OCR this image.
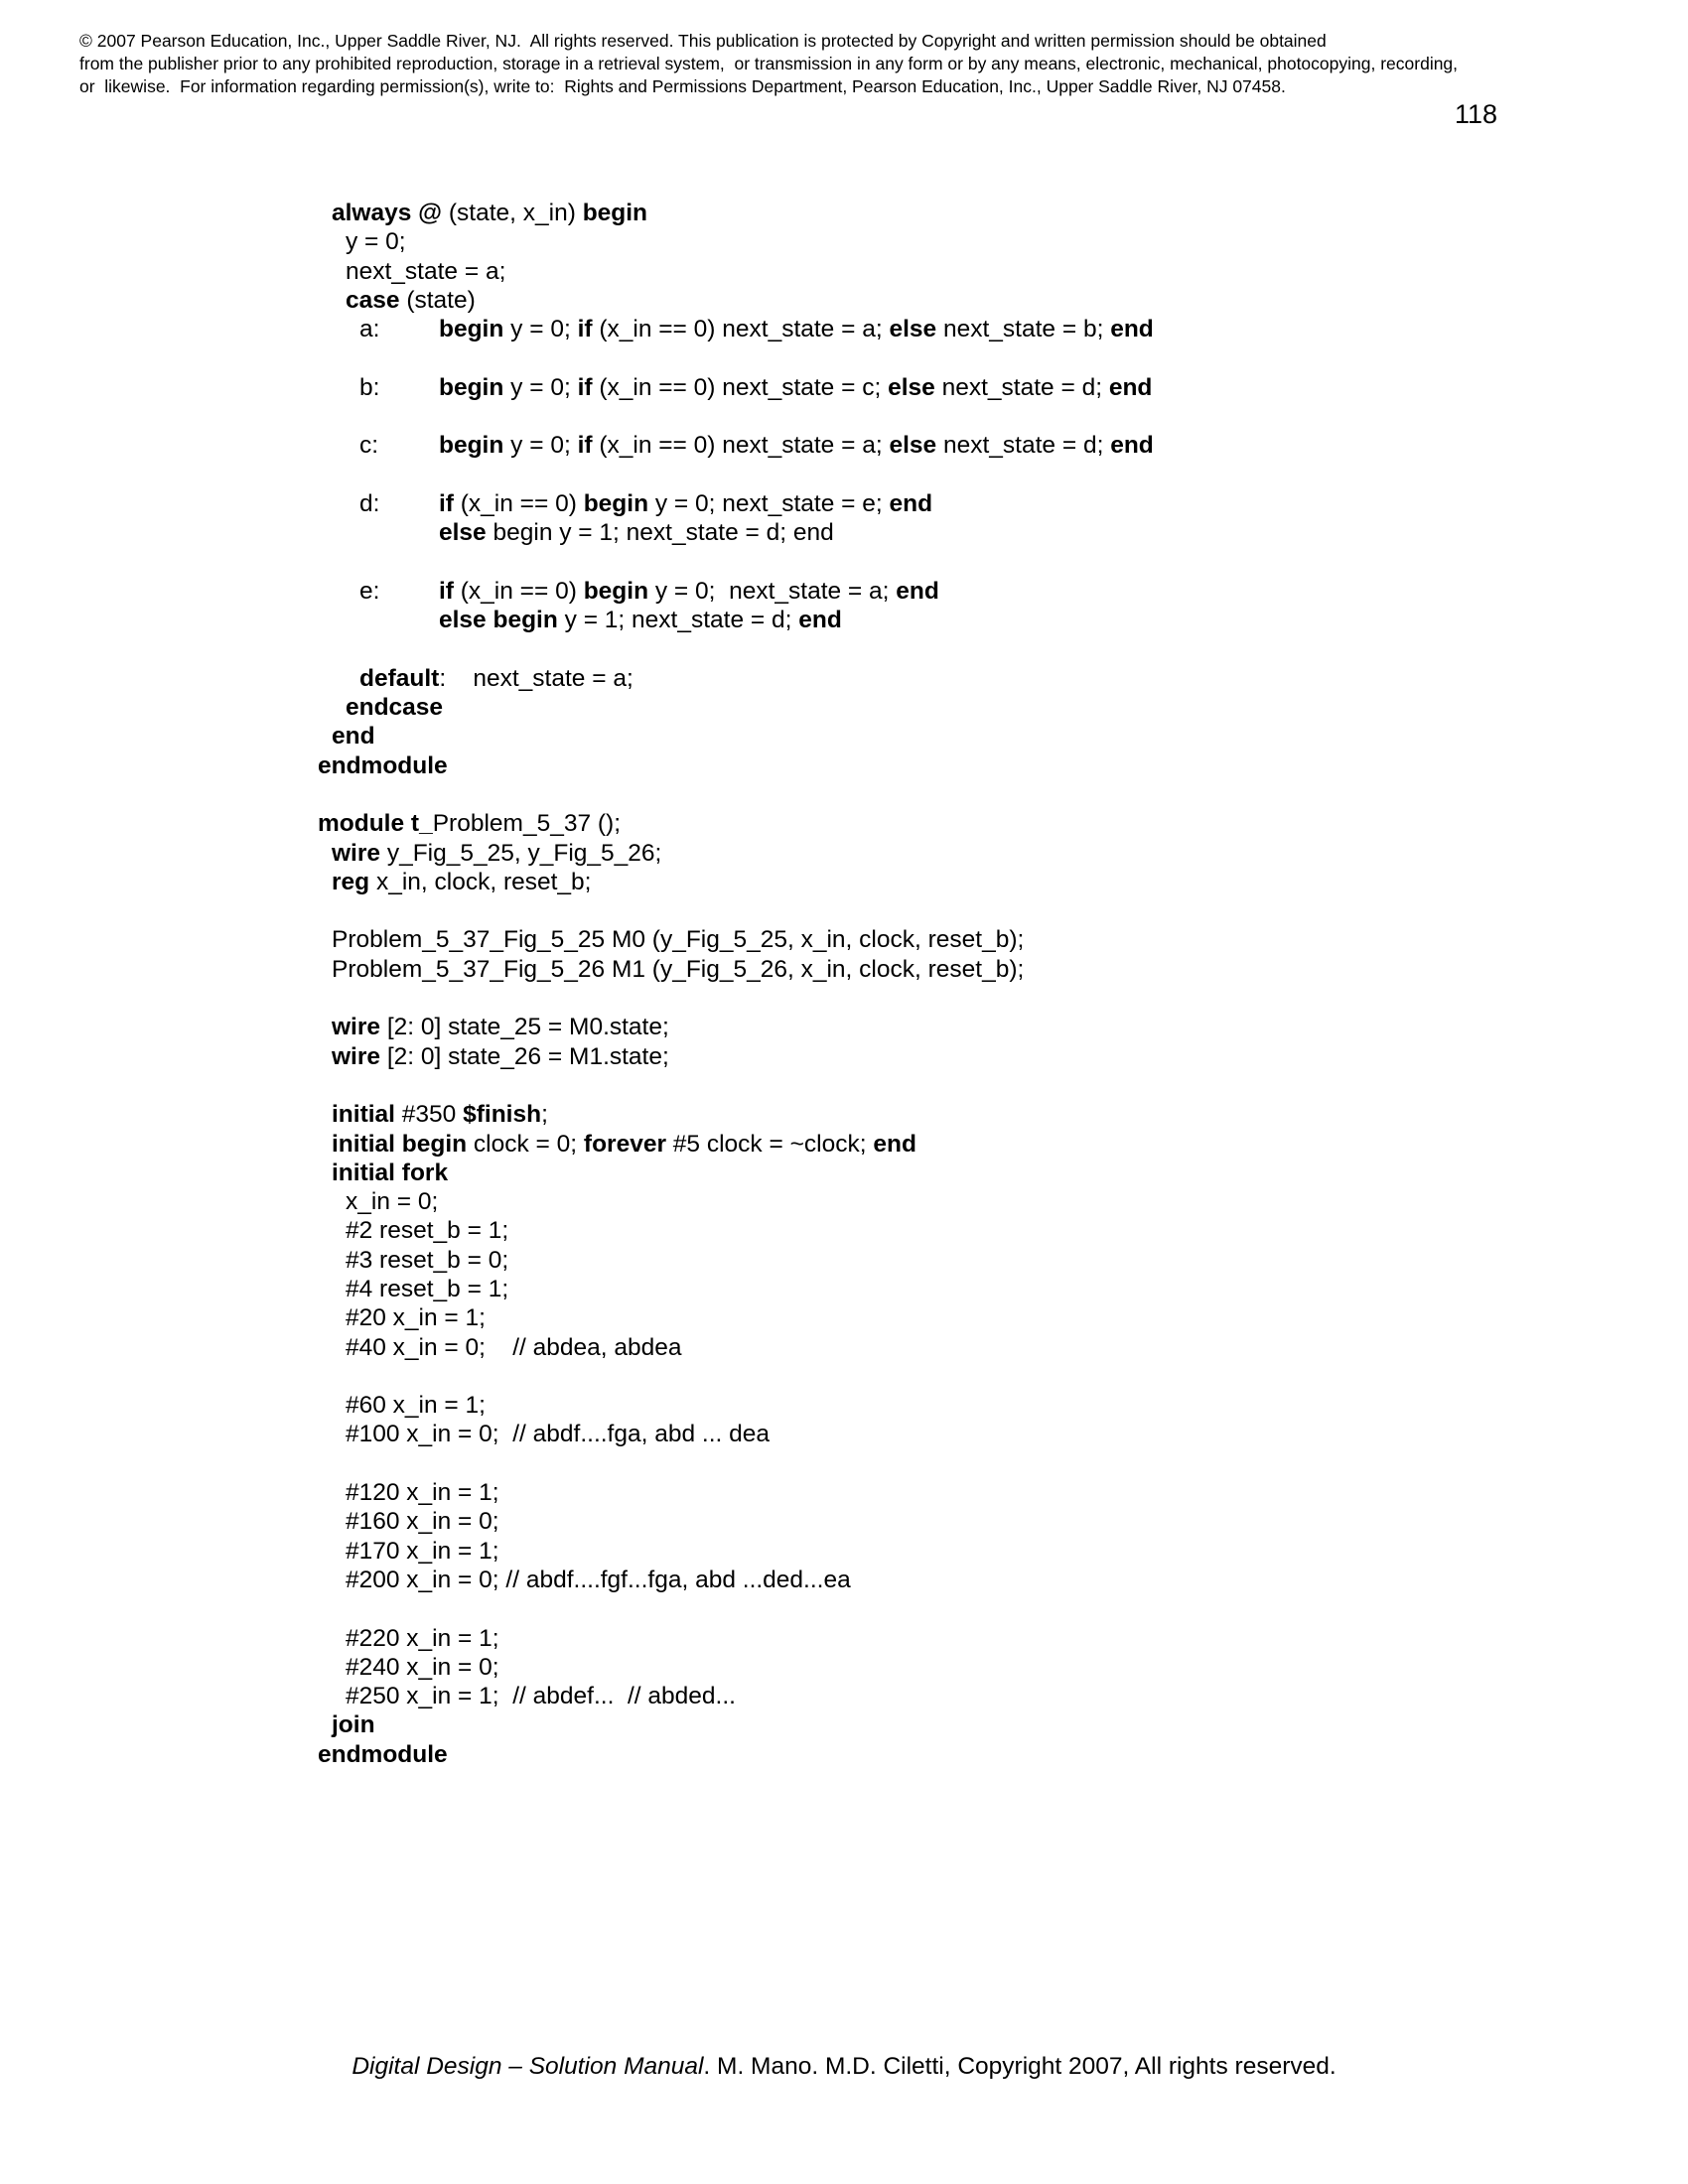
© 2007 Pearson Education, Inc., Upper Saddle River, NJ.  All rights reserved. This publication is protected by Copyright and written permission should be obtained
from the publisher prior to any prohibited reproduction, storage in a retrieval system,  or transmission in any form or by any means, electronic, mechanical, photocopying, recording,
or  likewise.  For information regarding permission(s), write to:  Rights and Permissions Department, Pearson Education, Inc., Upper Saddle River, NJ 07458.
118
always @ (state, x_in) begin
y = 0;
next_state = a;
case (state)
a: begin y = 0; if (x_in == 0) next_state = a; else next_state = b; end
b: begin y = 0; if (x_in == 0) next_state = c; else next_state = d; end
c: begin y = 0; if (x_in == 0) next_state = a; else next_state = d; end
d: if (x_in == 0) begin y = 0; next_state = e; end
else begin y = 1; next_state = d; end
e: if (x_in == 0) begin y = 0;  next_state = a; end
else begin y = 1; next_state = d; end
default:    next_state = a;
endcase
end
endmodule
module t_Problem_5_37 ();
wire y_Fig_5_25, y_Fig_5_26;
reg x_in, clock, reset_b;
Problem_5_37_Fig_5_25 M0 (y_Fig_5_25, x_in, clock, reset_b);
Problem_5_37_Fig_5_26 M1 (y_Fig_5_26, x_in, clock, reset_b);
wire [2: 0] state_25 = M0.state;
wire [2: 0] state_26 = M1.state;
initial #350 $finish;
initial begin clock = 0; forever #5 clock = ~clock; end
initial fork
x_in = 0;
#2 reset_b = 1;
#3 reset_b = 0;
#4 reset_b = 1;
#20 x_in = 1;
#40 x_in = 0;    // abdea, abdea
#60 x_in = 1;
#100 x_in = 0;  // abdf....fga, abd ... dea
#120 x_in = 1;
#160 x_in = 0;
#170 x_in = 1;
#200 x_in = 0; // abdf....fgf...fga, abd ...ded...ea
#220 x_in = 1;
#240 x_in = 0;
#250 x_in = 1;  // abdef...  // abded...
join
endmodule
Digital Design – Solution Manual. M. Mano. M.D. Ciletti, Copyright 2007, All rights reserved.
